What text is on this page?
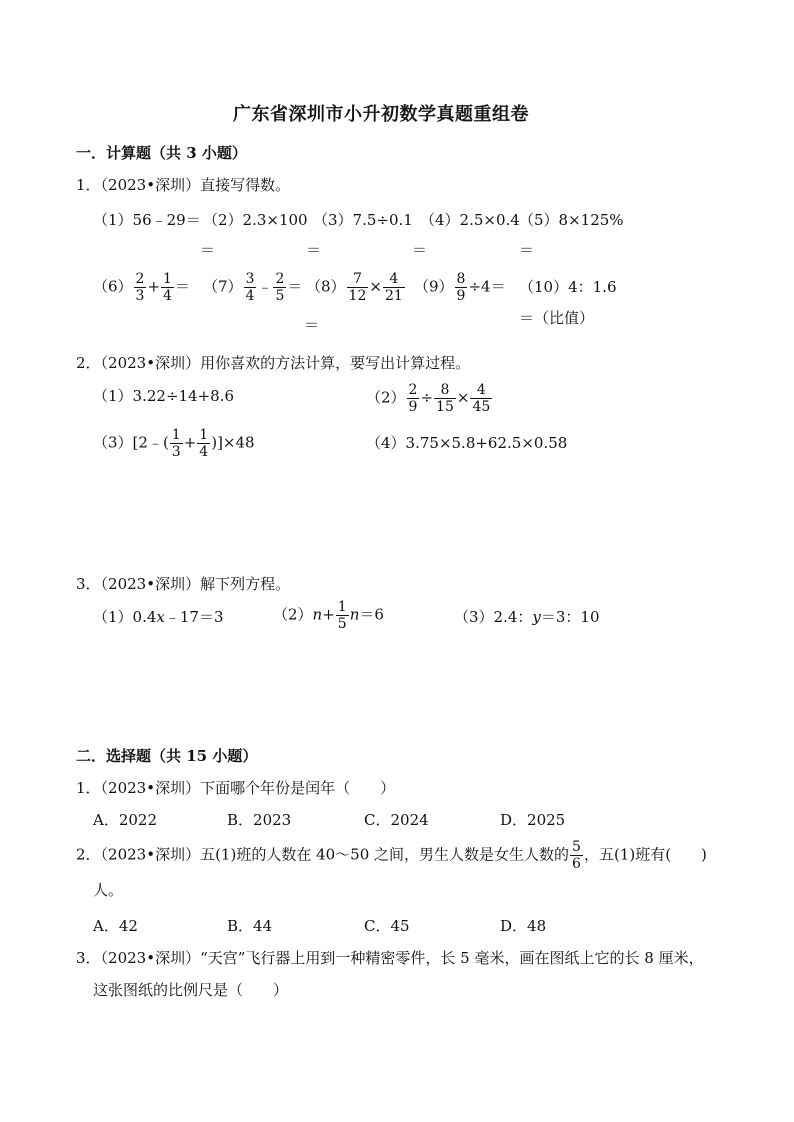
广东省深圳市小升初数学真题重组卷
一．计算题（共 3 小题）
1．（2023•深圳）直接写得数。
（1）56﹣29＝ （2）2.3×100 （3）7.5÷0.1 （4）2.5×0.4 （5）8×125%
＝	＝	＝	＝
$(6) \frac{2}{3} + \frac{1}{4} = (7) \frac{3}{4}$ ﹣ $\frac{2}{5} = (8) \frac{7}{12} \times \frac{4}{21}$
＝
$(9) \frac{8}{9} \div 4= (10)4$：1.6
＝（比值）
2．（2023•深圳）用你喜欢的方法计算，要写出计算过程。
（1）3.22÷14+8.6	$(2) \frac{2}{9} \div \frac{8}{15} \times \frac{4}{45}$
（3）[2﹣( $\frac{1}{3} + \frac{1}{4} )]\times 48$	（4）3.75×5.8+62.5×0.58
3．（2023•深圳）解下列方程。
（1）0.4x﹣17＝3	$(2)n+ \frac{1}{5} n=6$	（3）2.4：y＝3：10
二．选择题（共 15 小题）
1．（2023•深圳）下面哪个年份是闰年（　　）
A．2022	B．2023	C．2024	D．2025
2．（2023•深圳）五(1)班的人数在 40～50 之间，男生人数是女生人数的 $\frac{5}{6}$ ，五(1)班有(　　)
人。
A．42	B．44	C．45	D．48
3．（2023•深圳）“天宫”飞行器上用到一种精密零件，长 5 毫米，画在图纸上它的长 8 厘米，
这张图纸的比例尺是（　　）
